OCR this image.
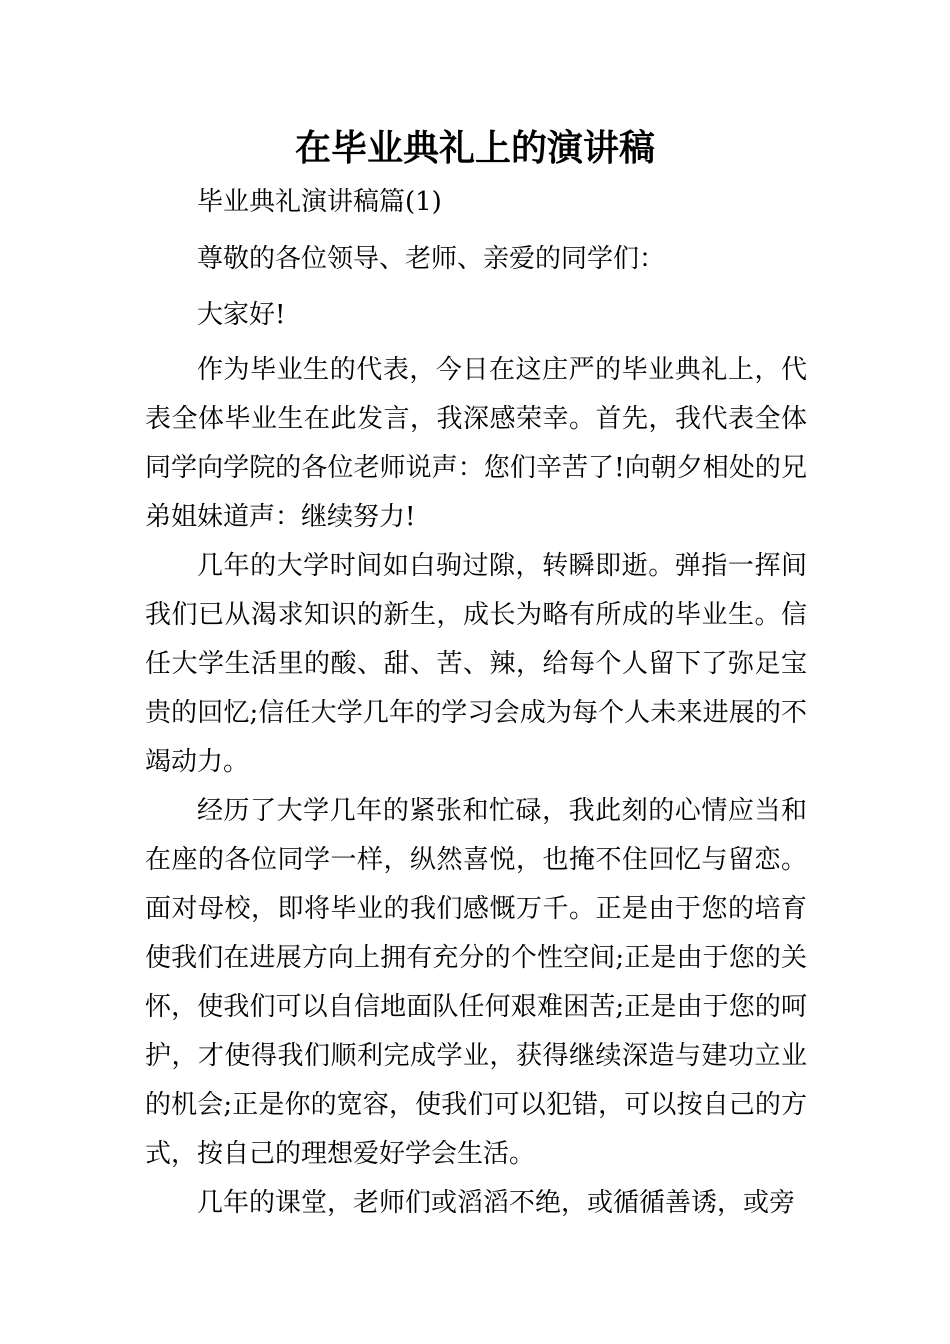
在毕业典礼上的演讲稿

毕业典礼演讲稿篇(1)

尊敬的各位领导、老师、亲爱的同学们：

大家好!

作为毕业生的代表，今日在这庄严的毕业典礼上，代表全体毕业生在此发言，我深感荣幸。首先，我代表全体同学向学院的各位老师说声：您们辛苦了!向朝夕相处的兄弟姐妹道声：继续努力!

几年的大学时间如白驹过隙，转瞬即逝。弹指一挥间我们已从渴求知识的新生，成长为略有所成的毕业生。信任大学生活里的酸、甜、苦、辣，给每个人留下了弥足宝贵的回忆;信任大学几年的学习会成为每个人未来进展的不竭动力。

经历了大学几年的紧张和忙碌，我此刻的心情应当和在座的各位同学一样，纵然喜悦，也掩不住回忆与留恋。面对母校，即将毕业的我们感慨万千。正是由于您的培育使我们在进展方向上拥有充分的个性空间;正是由于您的关怀，使我们可以自信地面队任何艰难困苦;正是由于您的呵护，才使得我们顺利完成学业，获得继续深造与建功立业的机会;正是你的宽容，使我们可以犯错，可以按自己的方式，按自己的理想爱好学会生活。

几年的课堂，老师们或滔滔不绝，或循循善诱，或旁
